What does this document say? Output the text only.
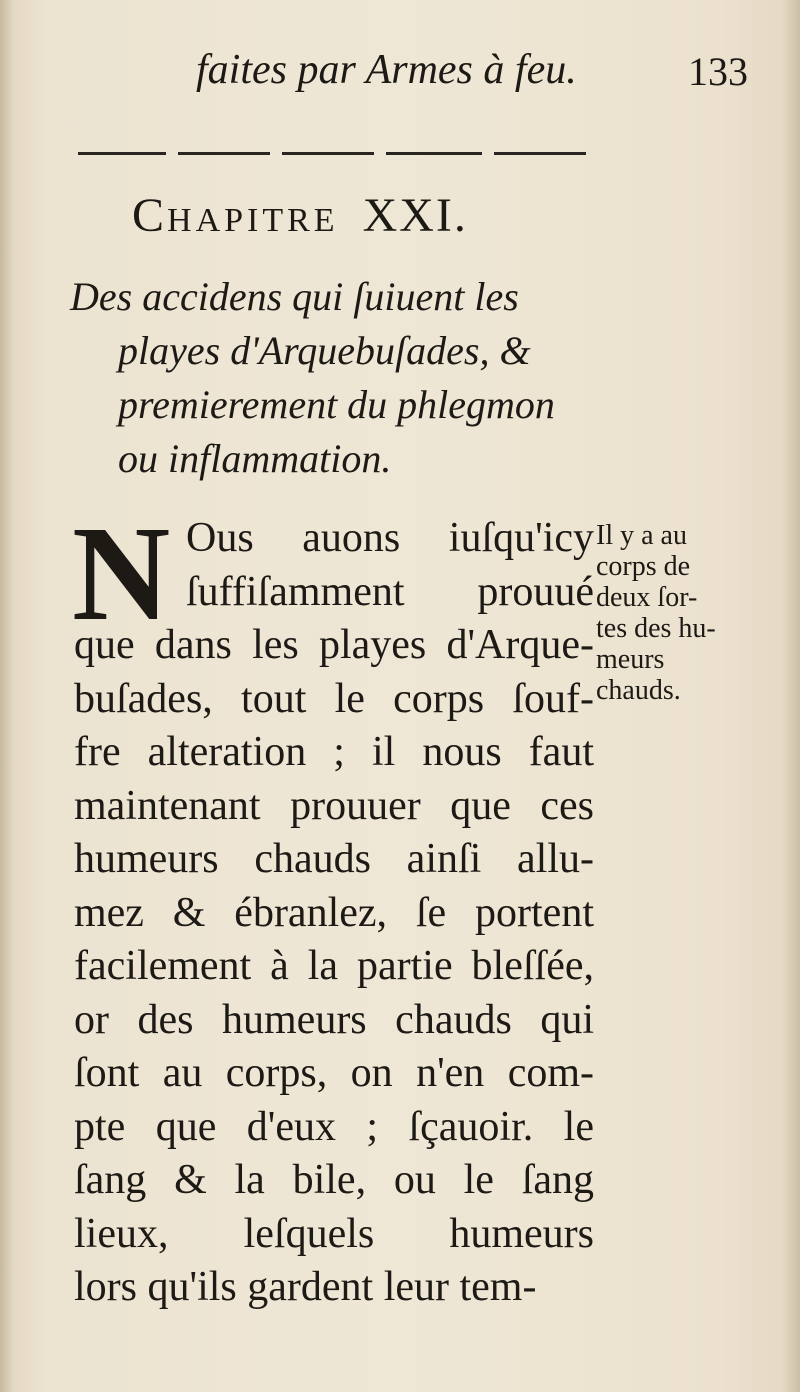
faites par Armes à feu.	133
CHAPITRE XXI.
Des accidens qui ſuiuent les
playes d'Arquebuſades, &
premierement du phlegmon
ou inflammation.
N Ous auons iuſqu'icy
ſuffiſamment prouué
que dans les playes d'Arque-
buſades, tout le corps ſouf-
fre alteration ; il nous faut
maintenant prouuer que ces
humeurs chauds ainſi allu-
mez & ébranlez, ſe portent
facilement à la partie bleſſée,
or des humeurs chauds qui
ſont au corps, on n'en com-
pte que d'eux ; ſçauoir. le
ſang & la bile, ou le ſang
lieux, leſquels humeurs
lors qu'ils gardent leur tem-
Il y a au
corps de
deux ſor-
tes des hu-
meurs
chauds.
